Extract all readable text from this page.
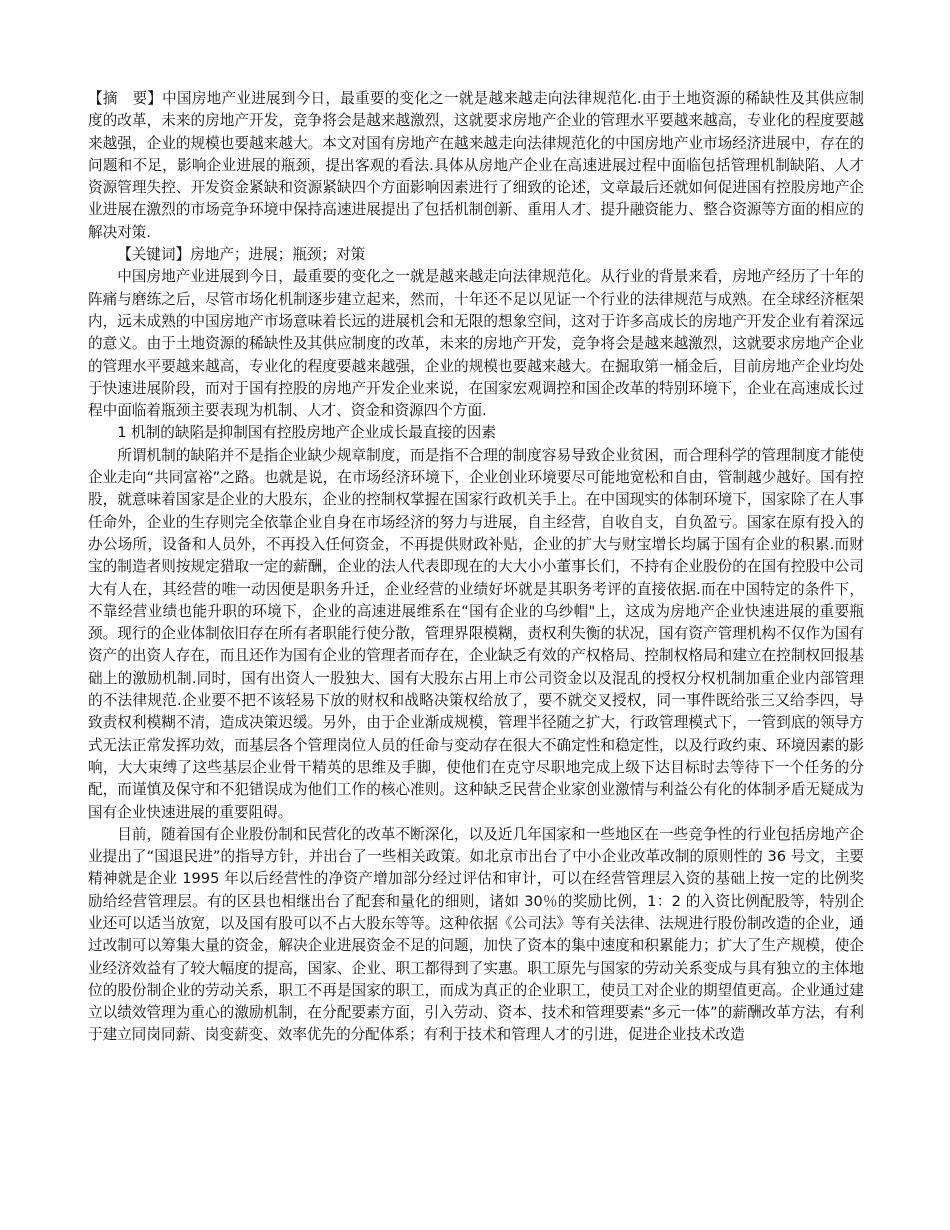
【摘　要】中国房地产业进展到今日，最重要的变化之一就是越来越走向法律规范化.由于土地资源的稀缺性及其供应制度的改革，未来的房地产开发，竞争将会是越来越激烈，这就要求房地产企业的管理水平要越来越高，专业化的程度要越来越强，企业的规模也要越来越大。本文对国有房地产在越来越走向法律规范化的中国房地产业市场经济进展中，存在的问题和不足，影响企业进展的瓶颈，提出客观的看法.具体从房地产企业在高速进展过程中面临包括管理机制缺陷、人才资源管理失控、开发资金紧缺和资源紧缺四个方面影响因素进行了细致的论述，文章最后还就如何促进国有控股房地产企业进展在激烈的市场竞争环境中保持高速进展提出了包括机制创新、重用人才、提升融资能力、整合资源等方面的相应的解决对策.

【关键词】房地产；进展；瓶颈；对策

中国房地产业进展到今日，最重要的变化之一就是越来越走向法律规范化。从行业的背景来看，房地产经历了十年的阵痛与磨练之后，尽管市场化机制逐步建立起来，然而，十年还不足以见证一个行业的法律规范与成熟。在全球经济框架内，远未成熟的中国房地产市场意味着长远的进展机会和无限的想象空间，这对于许多高成长的房地产开发企业有着深远的意义。由于土地资源的稀缺性及其供应制度的改革，未来的房地产开发，竞争将会是越来越激烈，这就要求房地产企业的管理水平要越来越高，专业化的程度要越来越强，企业的规模也要越来越大。在掘取第一桶金后，目前房地产企业均处于快速进展阶段，而对于国有控股的房地产开发企业来说，在国家宏观调控和国企改革的特别环境下，企业在高速成长过程中面临着瓶颈主要表现为机制、人才、资金和资源四个方面.

1 机制的缺陷是抑制国有控股房地产企业成长最直接的因素

所谓机制的缺陷并不是指企业缺少规章制度，而是指不合理的制度容易导致企业贫困，而合理科学的管理制度才能使企业走向“共同富裕”之路。也就是说，在市场经济环境下，企业创业环境要尽可能地宽松和自由，管制越少越好。国有控股，就意味着国家是企业的大股东，企业的控制权掌握在国家行政机关手上。在中国现实的体制环境下，国家除了在人事任命外，企业的生存则完全依靠企业自身在市场经济的努力与进展，自主经营，自收自支，自负盈亏。国家在原有投入的办公场所，设备和人员外，不再投入任何资金，不再提供财政补贴，企业的扩大与财宝增长均属于国有企业的积累.而财宝的制造者则按规定猎取一定的薪酬，企业的法人代表即现在的大大小小董事长们，不持有企业股份的在国有控股中公司大有人在，其经营的唯一动因便是职务升迁，企业经营的业绩好坏就是其职务考评的直接依据.而在中国特定的条件下，不靠经营业绩也能升职的环境下，企业的高速进展维系在“国有企业的乌纱帽"上，这成为房地产企业快速进展的重要瓶颈。现行的企业体制依旧存在所有者职能行使分散，管理界限模糊，责权利失衡的状况，国有资产管理机构不仅作为国有资产的出资人存在，而且还作为国有企业的管理者而存在，企业缺乏有效的产权格局、控制权格局和建立在控制权回报基础上的激励机制.同时，国有出资人一股独大、国有大股东占用上市公司资金以及混乱的授权分权机制加重企业内部管理的不法律规范.企业要不把不该轻易下放的财权和战略决策权给放了，要不就交叉授权，同一事件既给张三又给李四，导致责权利模糊不清，造成决策迟缓。另外，由于企业渐成规模，管理半径随之扩大，行政管理模式下，一管到底的领导方式无法正常发挥功效，而基层各个管理岗位人员的任命与变动存在很大不确定性和稳定性，以及行政约束、环境因素的影响，大大束缚了这些基层企业骨干精英的思维及手脚，使他们在克守尽职地完成上级下达目标时去等待下一个任务的分配，而谨慎及保守和不犯错误成为他们工作的核心准则。这种缺乏民营企业家创业激情与利益公有化的体制矛盾无疑成为国有企业快速进展的重要阻碍。

目前，随着国有企业股份制和民营化的改革不断深化，以及近几年国家和一些地区在一些竞争性的行业包括房地产企业提出了“国退民进”的指导方针，并出台了一些相关政策。如北京市出台了中小企业改革改制的原则性的 36 号文，主要精神就是企业 1995 年以后经营性的净资产增加部分经过评估和审计，可以在经营管理层入资的基础上按一定的比例奖励给经营管理层。有的区县也相继出台了配套和量化的细则，诸如 30％的奖励比例，1：2 的入资比例配股等，特别企业还可以适当放宽，以及国有股可以不占大股东等等。这种依据《公司法》等有关法律、法规进行股份制改造的企业，通过改制可以筹集大量的资金，解决企业进展资金不足的问题，加快了资本的集中速度和积累能力；扩大了生产规模，使企业经济效益有了较大幅度的提高，国家、企业、职工都得到了实惠。职工原先与国家的劳动关系变成与具有独立的主体地位的股份制企业的劳动关系，职工不再是国家的职工，而成为真正的企业职工，使员工对企业的期望值更高。企业通过建立以绩效管理为重心的激励机制，在分配要素方面，引入劳动、资本、技术和管理要素“多元一体”的薪酬改革方法，有利于建立同岗同薪、岗变薪变、效率优先的分配体系；有利于技术和管理人才的引进，促进企业技术改造
